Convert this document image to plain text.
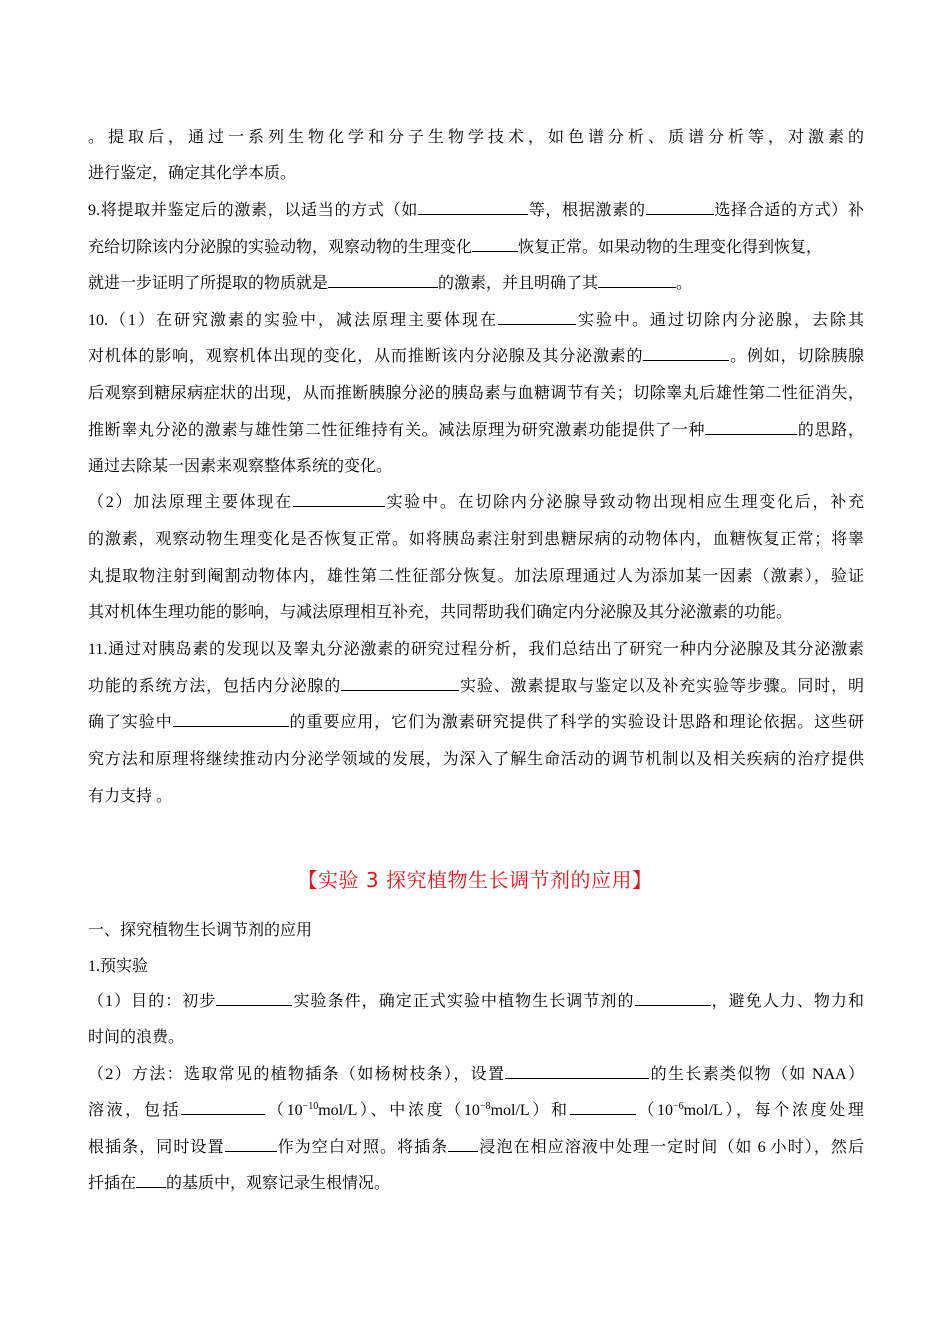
。提取后，通过一系列生物化学和分子生物学技术，如色谱分析、质谱分析等，对激素的
进行鉴定，确定其化学本质。
9.将提取并鉴定后的激素，以适当的方式（如	等，根据激素的	选择合适的方式）补
充给切除该内分泌腺的实验动物，观察动物的生理变化	恢复正常。如果动物的生理变化得到恢复，
就进一步证明了所提取的物质就是	的激素，并且明确了其	。
10.（1）在研究激素的实验中，减法原理主要体现在	实验中。通过切除内分泌腺，去除其
对机体的影响，观察机体出现的变化，从而推断该内分泌腺及其分泌激素的	。例如，切除胰腺
后观察到糖尿病症状的出现，从而推断胰腺分泌的胰岛素与血糖调节有关；切除睾丸后雄性第二性征消失，
推断睾丸分泌的激素与雄性第二性征维持有关。减法原理为研究激素功能提供了一种	的思路，
通过去除某一因素来观察整体系统的变化。
（2）加法原理主要体现在	实验中。在切除内分泌腺导致动物出现相应生理变化后，补充
的激素，观察动物生理变化是否恢复正常。如将胰岛素注射到患糖尿病的动物体内，血糖恢复正常；将睾
丸提取物注射到阉割动物体内，雄性第二性征部分恢复。加法原理通过人为添加某一因素（激素），验证
其对机体生理功能的影响，与减法原理相互补充，共同帮助我们确定内分泌腺及其分泌激素的功能。
11.通过对胰岛素的发现以及睾丸分泌激素的研究过程分析，我们总结出了研究一种内分泌腺及其分泌激素
功能的系统方法，包括内分泌腺的	实验、激素提取与鉴定以及补充实验等步骤。同时，明
确了实验中	的重要应用，它们为激素研究提供了科学的实验设计思路和理论依据。这些研
究方法和原理将继续推动内分泌学领域的发展，为深入了解生命活动的调节机制以及相关疾病的治疗提供
有力支持 。
【实验 3 探究植物生长调节剂的应用】
一、探究植物生长调节剂的应用
1.预实验
（1）目的：初步	实验条件，确定正式实验中植物生长调节剂的	，避免人力、物力和
时间的浪费。
（2）方法：选取常见的植物插条（如杨树枝条），设置	的生长素类似物（如 NAA）
溶液，包括	$(10^{-10}mol/L)$、中浓度$(10^{-8}mol/L)$和	$(10^{-6}mol/L)$，每个浓度处理
根插条，同时设置	作为空白对照。将插条 浸泡在相应溶液中处理一定时间（如 6 小时），然后
扦插在 的基质中，观察记录生根情况。
